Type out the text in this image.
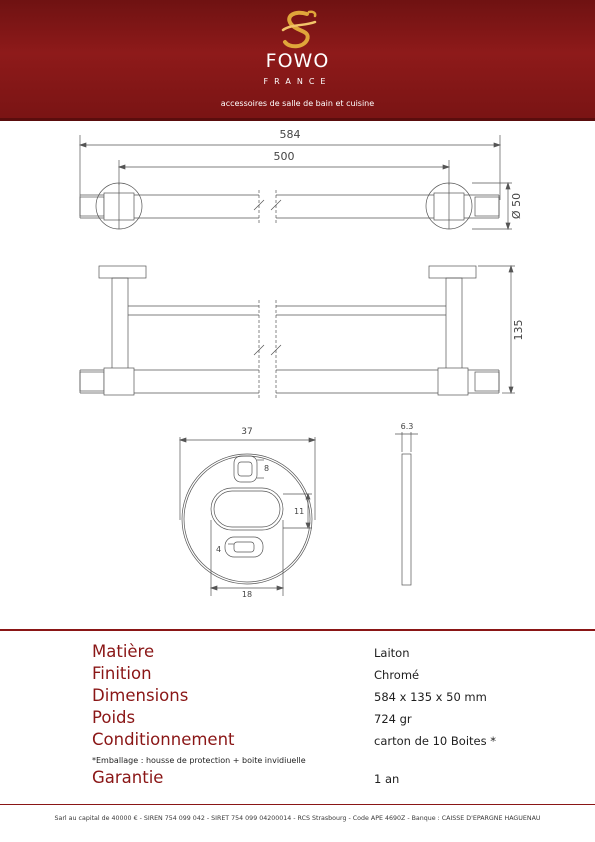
FOWO
FRANCE
accessoires de salle de bain et cuisine
584
500
Ø 50
135
37
6.3
8
11
4
18
Matière	Laiton
Finition	Chromé
Dimensions	584 x 135 x 50 mm
Poids	724 gr
Conditionnement	carton de 10 Boites *
*Emballage : housse de protection + boite invidiuelle
Garantie	1 an
Sarl au capital de 40000 € - SIREN 754 099 042 - SIRET 754 099 04200014 - RCS Strasbourg - Code APE 4690Z - Banque : CAISSE D'EPARGNE HAGUENAU
